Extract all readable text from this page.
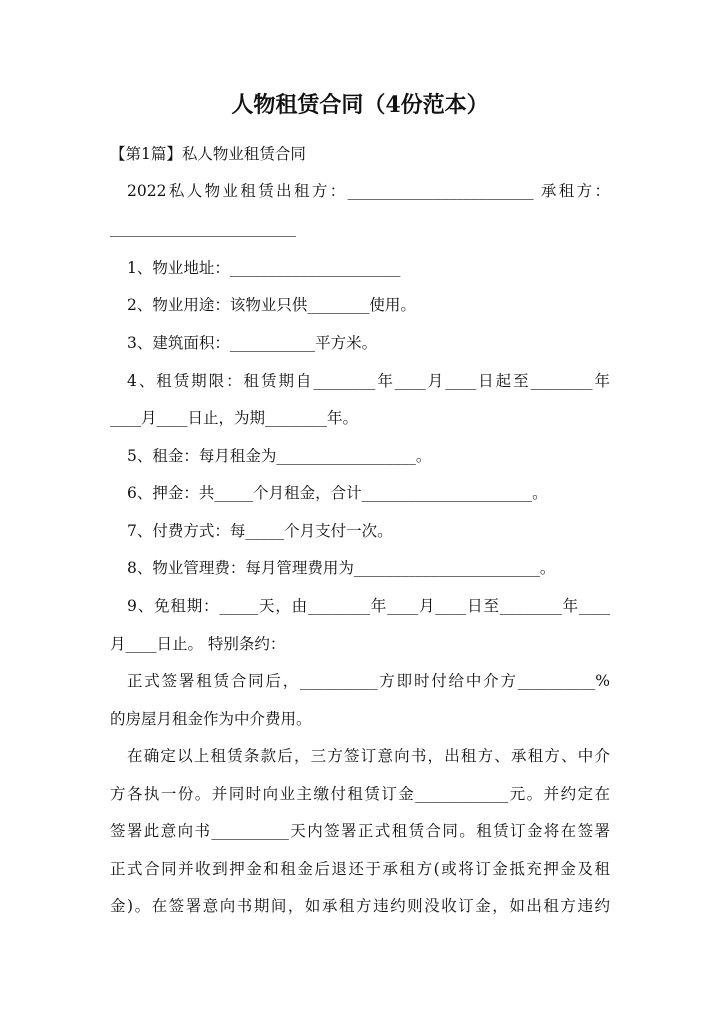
人物租赁合同（4份范本）
【第1篇】私人物业租赁合同
2022私人物业租赁出租方：________________________ 承租方：
________________________
1、物业地址：______________________
2、物业用途：该物业只供________使用。
3、建筑面积：___________平方米。
4、租赁期限：租赁期自________年____月____日起至________年
____月____日止，为期________年。
5、租金：每月租金为__________________。
6、押金：共_____个月租金，合计______________________。
7、付费方式：每_____个月支付一次。
8、物业管理费：每月管理费用为________________________。
9、免租期：_____天，由________年____月____日至________年____
月____日止。 特别条约：
正式签署租赁合同后，__________方即时付给中介方__________%
的房屋月租金作为中介费用。
在确定以上租赁条款后，三方签订意向书，出租方、承租方、中介
方各执一份。并同时向业主缴付租赁订金____________元。并约定在
签署此意向书__________天内签署正式租赁合同。租赁订金将在签署
正式合同并收到押金和租金后退还于承租方(或将订金抵充押金及租
金)。在签署意向书期间，如承租方违约则没收订金，如出租方违约
